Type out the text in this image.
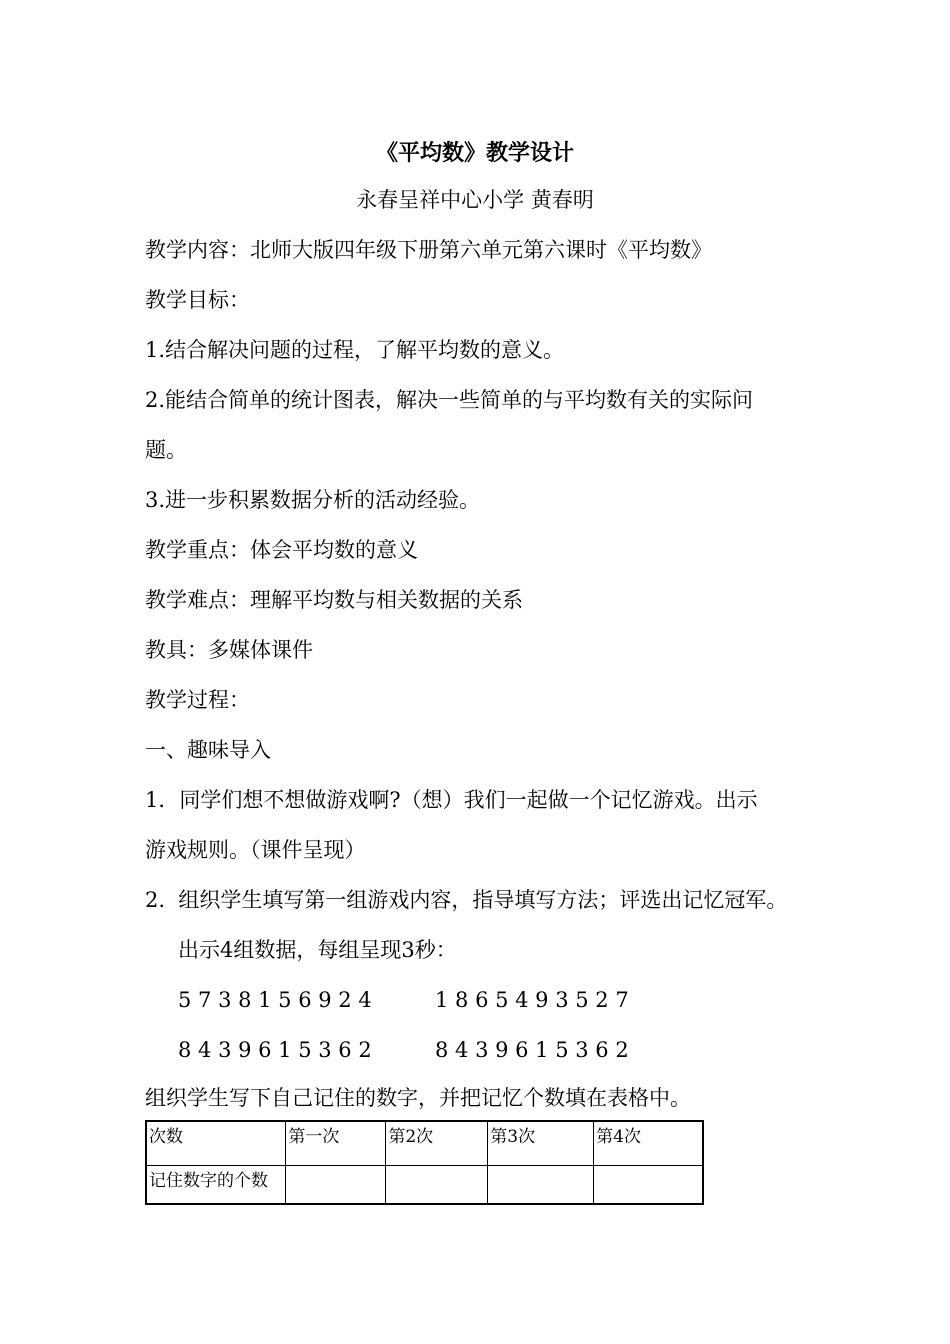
《平均数》教学设计
永春呈祥中心小学 黄春明
教学内容：北师大版四年级下册第六单元第六课时《平均数》
教学目标：
1.结合解决问题的过程，了解平均数的意义。
2.能结合简单的统计图表，解决一些简单的与平均数有关的实际问
题。
3.进一步积累数据分析的活动经验。
教学重点：体会平均数的意义
教学难点：理解平均数与相关数据的关系
教具：多媒体课件
教学过程：
一、趣味导入
1．同学们想不想做游戏啊?（想）我们一起做一个记忆游戏。出示
游戏规则。（课件呈现）
2.  组织学生填写第一组游戏内容，指导填写方法；评选出记忆冠军。
出示4组数据，每组呈现3秒：
5 7 3 8 1 5 6 9 2 4	1 8 6 5 4 9 3 5 2 7
8 4 3 9 6 1 5 3 6 2	8 4 3 9 6 1 5 3 6 2
组织学生写下自己记住的数字，并把记忆个数填在表格中。
次数	第一次	第2次	第3次	第4次
记住数字的个数				
